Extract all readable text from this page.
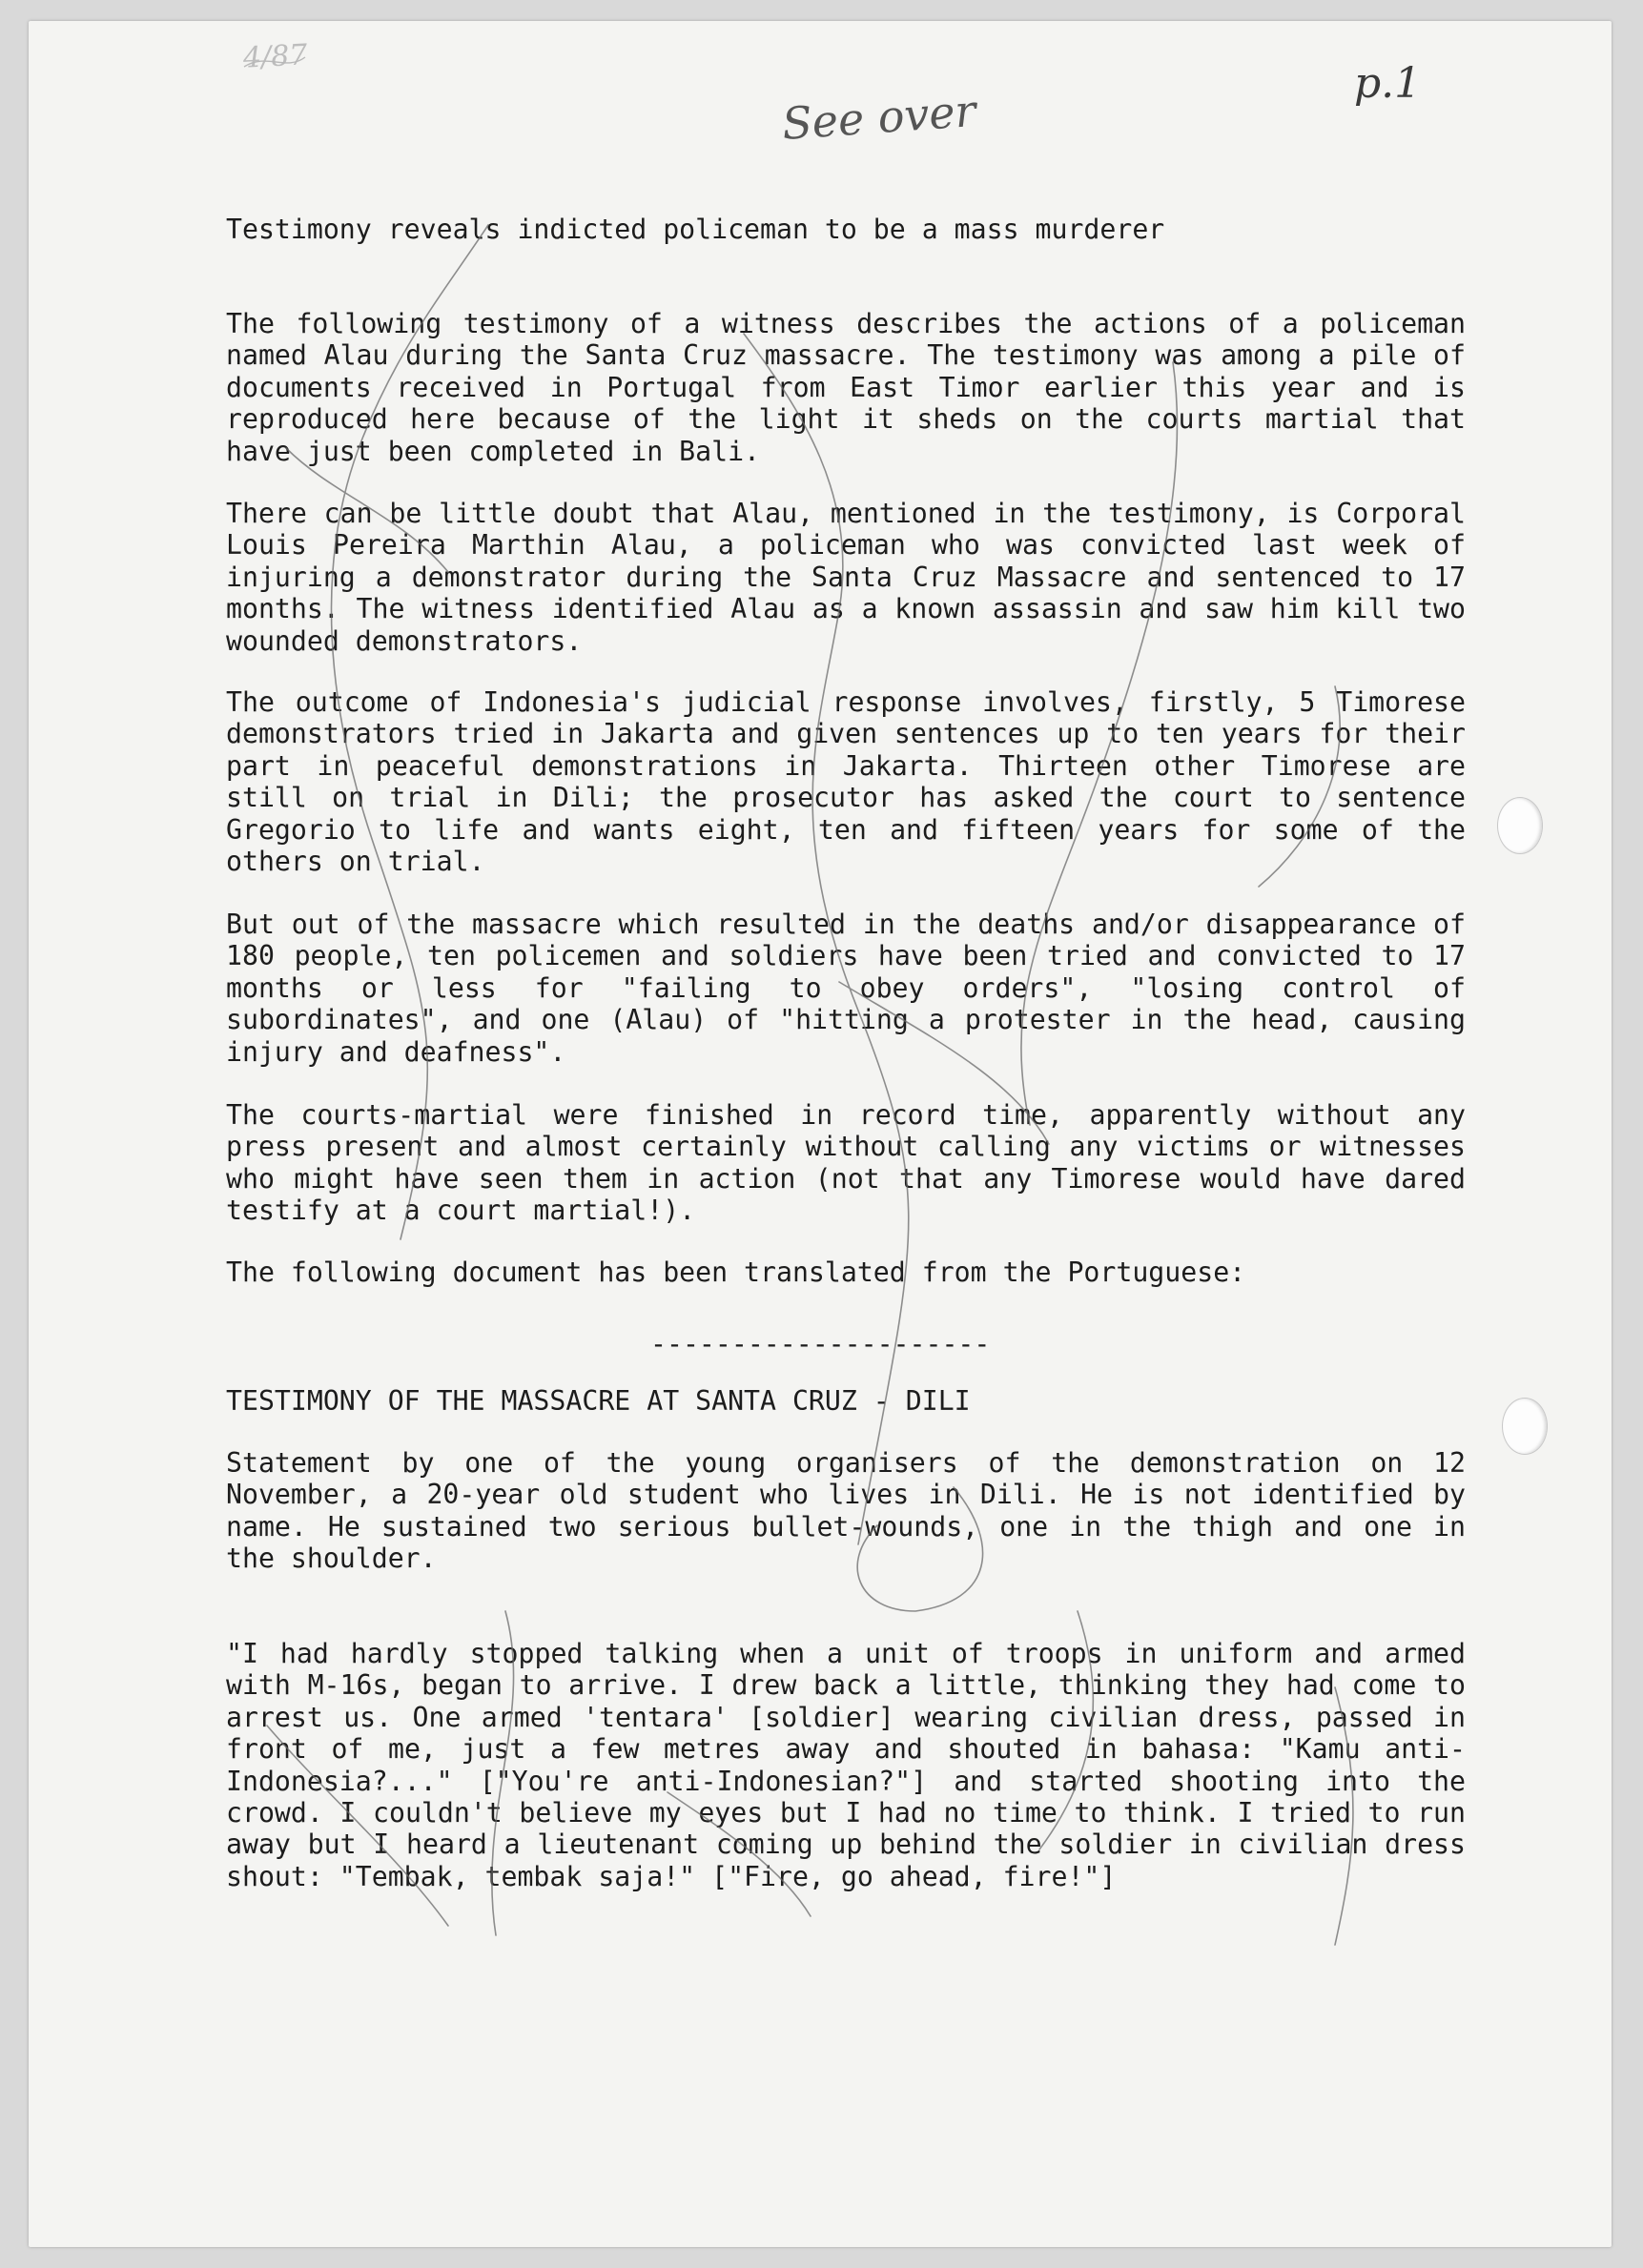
4/87
See over
p.1

Testimony reveals indicted policeman to be a mass murderer

The following testimony of a witness describes the actions of a policeman named Alau during the Santa Cruz massacre. The testimony was among a pile of documents received in Portugal from East Timor earlier this year and is reproduced here because of the light it sheds on the courts martial that have just been completed in Bali.

There can be little doubt that Alau, mentioned in the testimony, is Corporal Louis Pereira Marthin Alau, a policeman who was convicted last week of injuring a demonstrator during the Santa Cruz Massacre and sentenced to 17 months. The witness identified Alau as a known assassin and saw him kill two wounded demonstrators.

The outcome of Indonesia's judicial response involves, firstly, 5 Timorese demonstrators tried in Jakarta and given sentences up to ten years for their part in peaceful demonstrations in Jakarta. Thirteen other Timorese are still on trial in Dili; the prosecutor has asked the court to sentence Gregorio to life and wants eight, ten and fifteen years for some of the others on trial.

But out of the massacre which resulted in the deaths and/or disappearance of 180 people, ten policemen and soldiers have been tried and convicted to 17 months or less for "failing to obey orders", "losing control of subordinates", and one (Alau) of "hitting a protester in the head, causing injury and deafness".

The courts-martial were finished in record time, apparently without any press present and almost certainly without calling any victims or witnesses who might have seen them in action (not that any Timorese would have dared testify at a court martial!).

The following document has been translated from the Portuguese:

---------------------

TESTIMONY OF THE MASSACRE AT SANTA CRUZ - DILI

Statement by one of the young organisers of the demonstration on 12 November, a 20-year old student who lives in Dili. He is not identified by name. He sustained two serious bullet-wounds, one in the thigh and one in the shoulder.

"I had hardly stopped talking when a unit of troops in uniform and armed with M-16s, began to arrive. I drew back a little, thinking they had come to arrest us. One armed 'tentara' [soldier] wearing civilian dress, passed in front of me, just a few metres away and shouted in bahasa: "Kamu anti-Indonesia?..." ["You're anti-Indonesian?"] and started shooting into the crowd. I couldn't believe my eyes but I had no time to think. I tried to run away but I heard a lieutenant coming up behind the soldier in civilian dress shout: "Tembak, tembak saja!" ["Fire, go ahead, fire!"]
